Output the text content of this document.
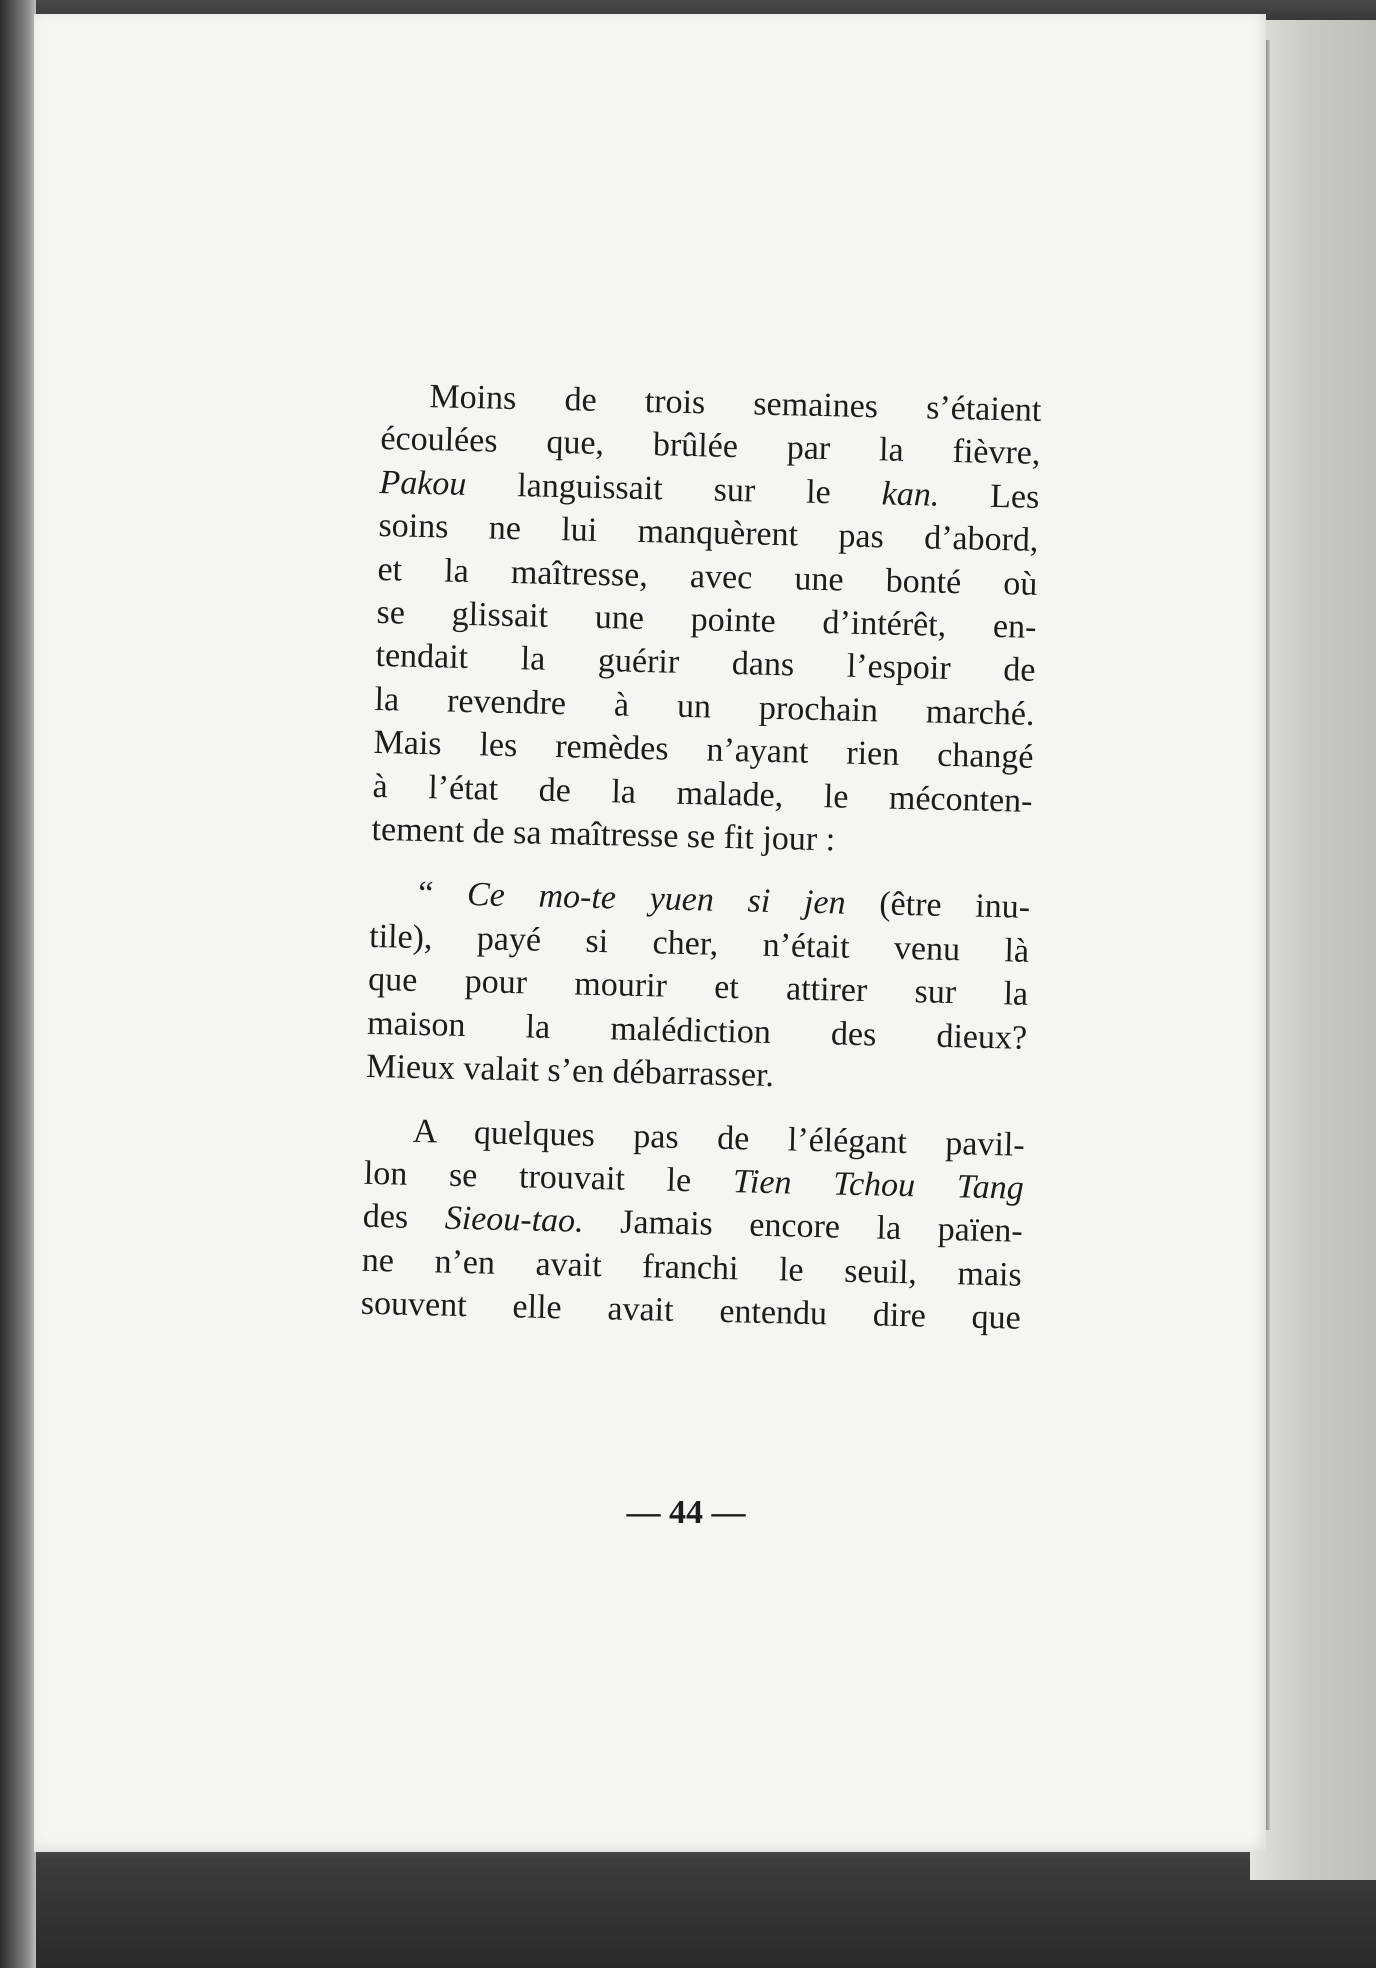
Moins de trois semaines s’étaient
écoulées que, brûlée par la fièvre,
Pakou languissait sur le kan. Les
soins ne lui manquèrent pas d’abord,
et la maîtresse, avec une bonté où
se glissait une pointe d’intérêt, en-
tendait la guérir dans l’espoir de
la revendre à un prochain marché.
Mais les remèdes n’ayant rien changé
à l’état de la malade, le méconten-
tement de sa maîtresse se fit jour :

“ Ce mo-te yuen si jen (être inu-
tile), payé si cher, n’était venu là
que pour mourir et attirer sur la
maison la malédiction des dieux?
Mieux valait s’en débarrasser.

A quelques pas de l’élégant pavil-
lon se trouvait le Tien Tchou Tang
des Sieou-tao. Jamais encore la païen-
ne n’en avait franchi le seuil, mais
souvent elle avait entendu dire que

— 44 —
